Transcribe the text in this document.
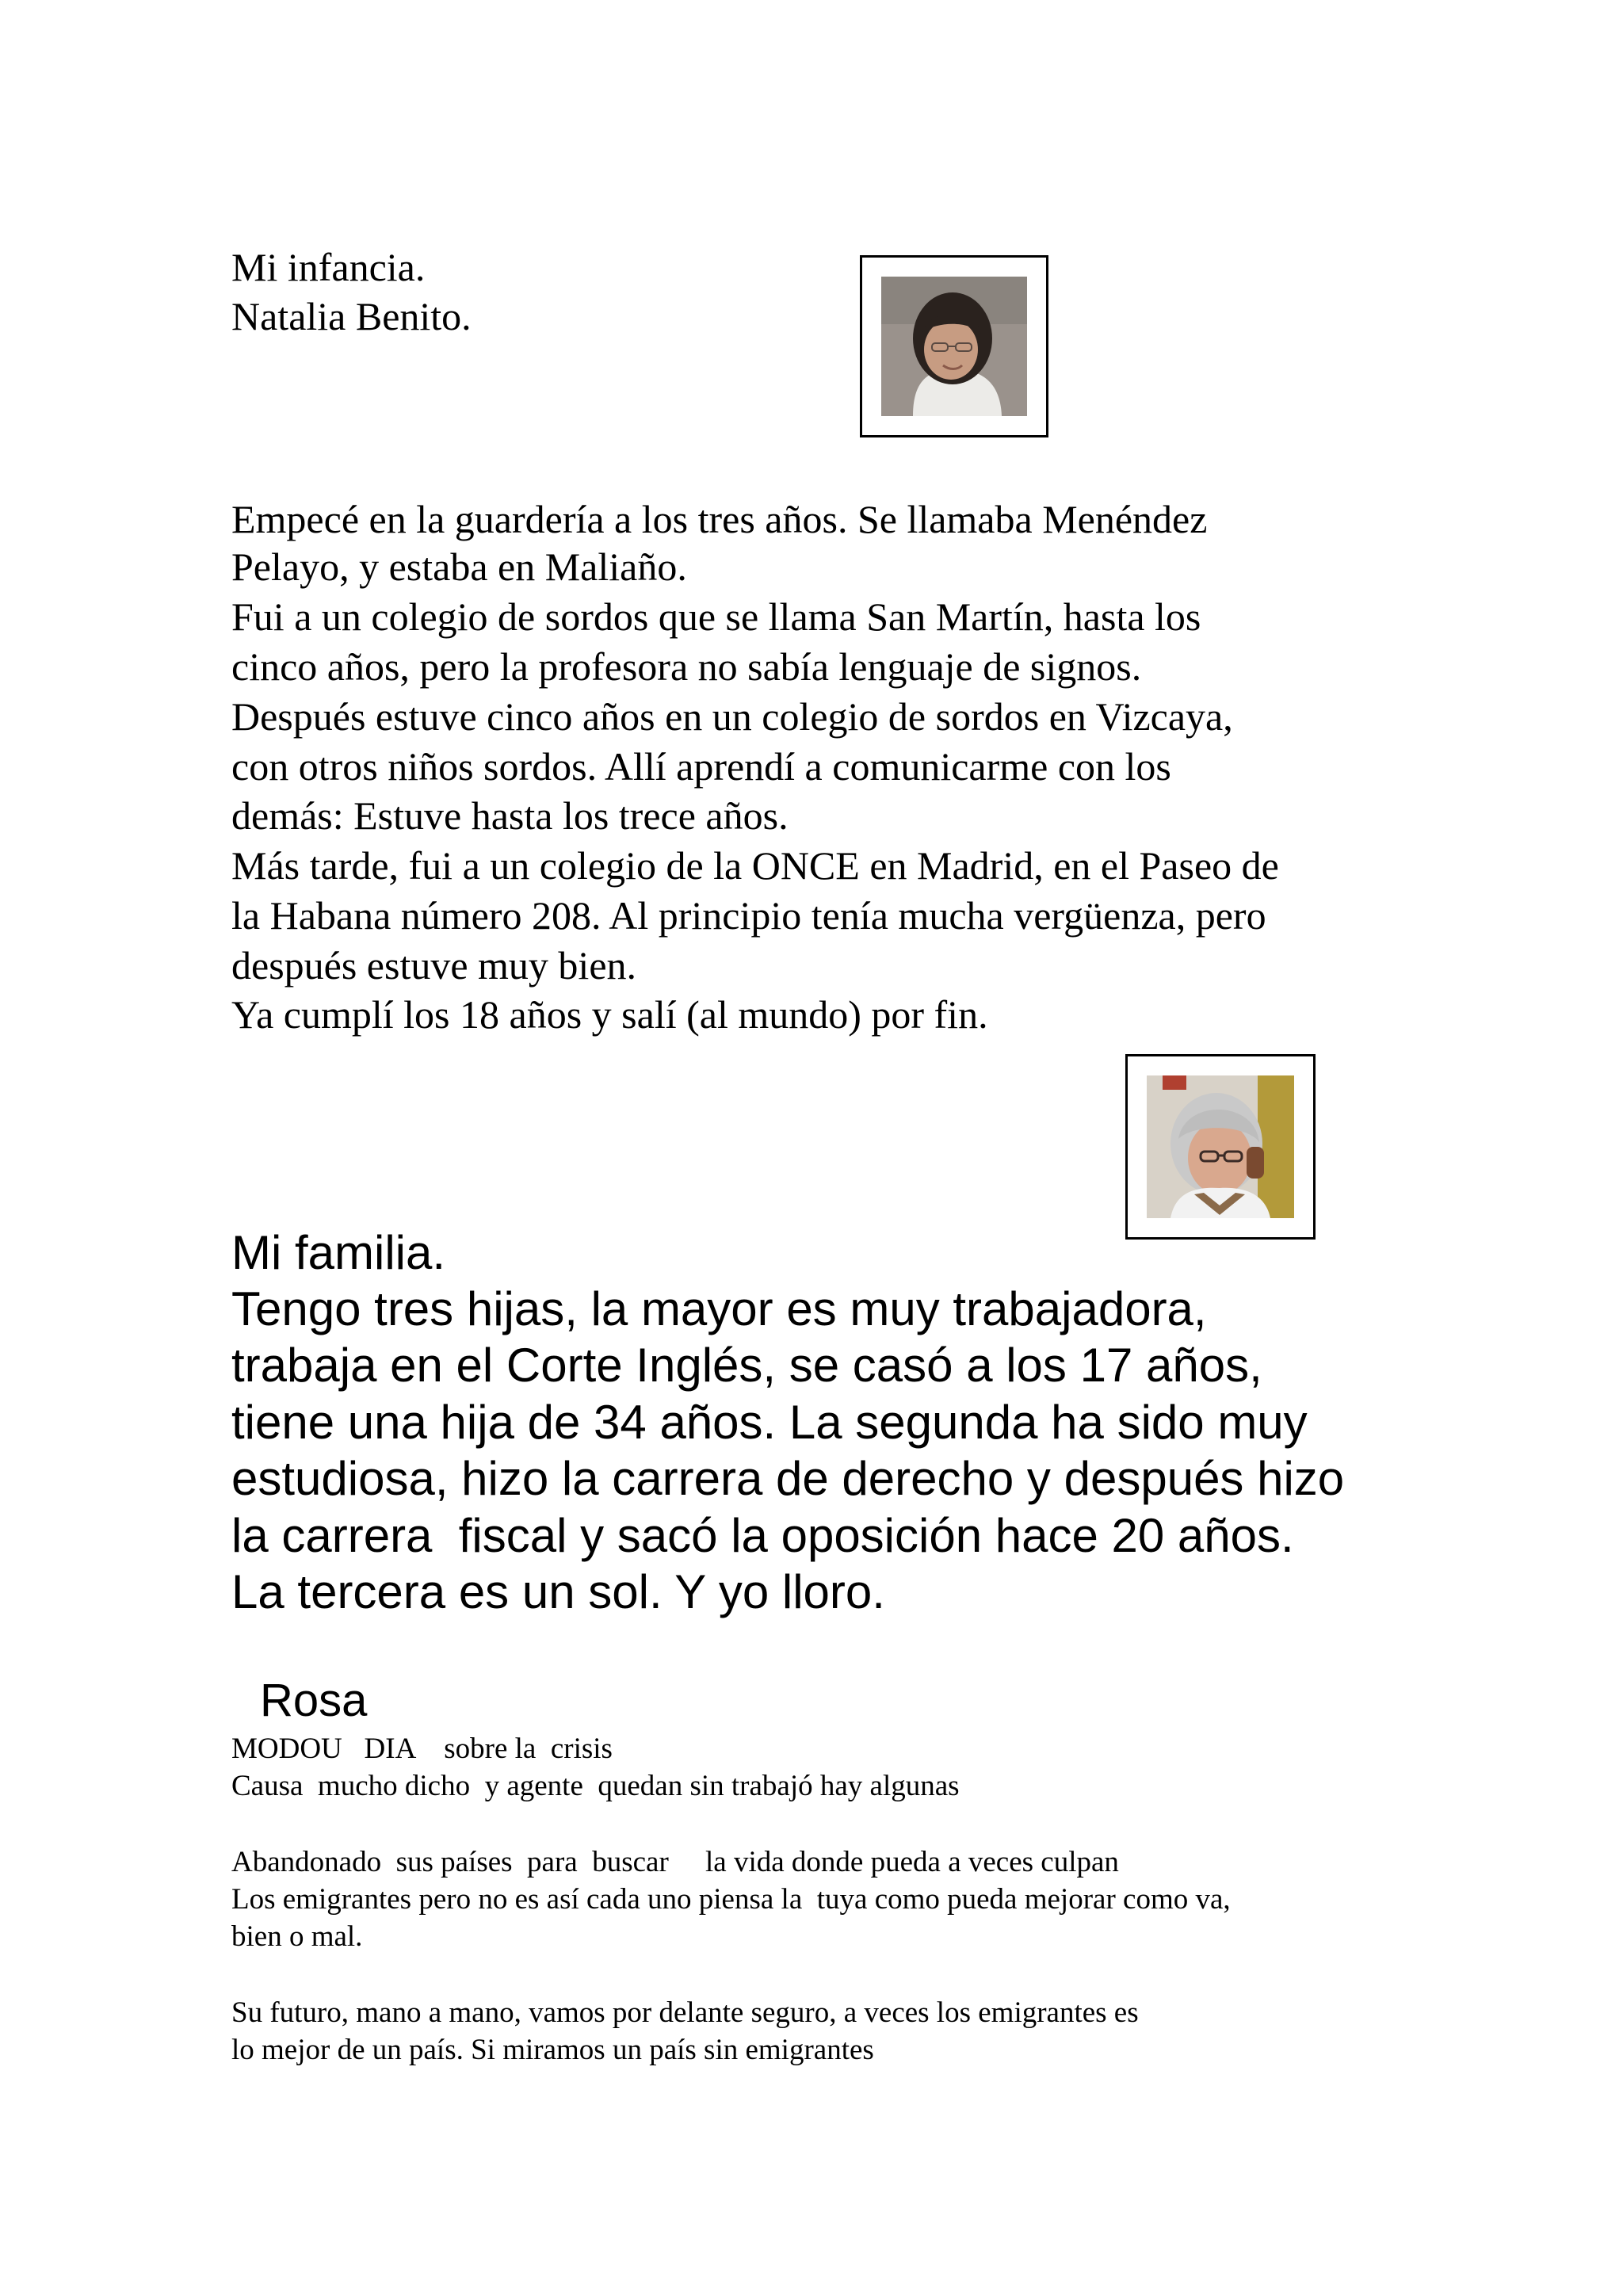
Mi infancia.
Natalia Benito.
Empecé en la guardería a los tres años. Se llamaba Menéndez
Pelayo, y estaba en Maliaño.
Fui a un colegio de sordos que se llama San Martín, hasta los
cinco años, pero la profesora no sabía lenguaje de signos.
Después estuve cinco años en un colegio de sordos en Vizcaya,
con otros niños sordos. Allí aprendí a comunicarme con los
demás: Estuve hasta los trece años.
Más tarde, fui a un colegio de la ONCE en Madrid, en el Paseo de
la Habana número 208. Al principio tenía mucha vergüenza, pero
después estuve muy bien.
Ya cumplí los 18 años y salí (al mundo) por fin.
Mi familia.
Tengo tres hijas, la mayor es muy trabajadora,
trabaja en el Corte Inglés, se casó a los 17 años,
tiene una hija de 34 años. La segunda ha sido muy
estudiosa, hizo la carrera de derecho y después hizo
la carrera  fiscal y sacó la oposición hace 20 años.
La tercera es un sol. Y yo lloro.
Rosa
MODOU   DIA    sobre la  crisis
Causa  mucho dicho  y agente  quedan sin trabajó hay algunas
Abandonado  sus países  para  buscar     la vida donde pueda a veces culpan
Los emigrantes pero no es así cada uno piensa la  tuya como pueda mejorar como va,
bien o mal.
Su futuro, mano a mano, vamos por delante seguro, a veces los emigrantes es
lo mejor de un país. Si miramos un país sin emigrantes
